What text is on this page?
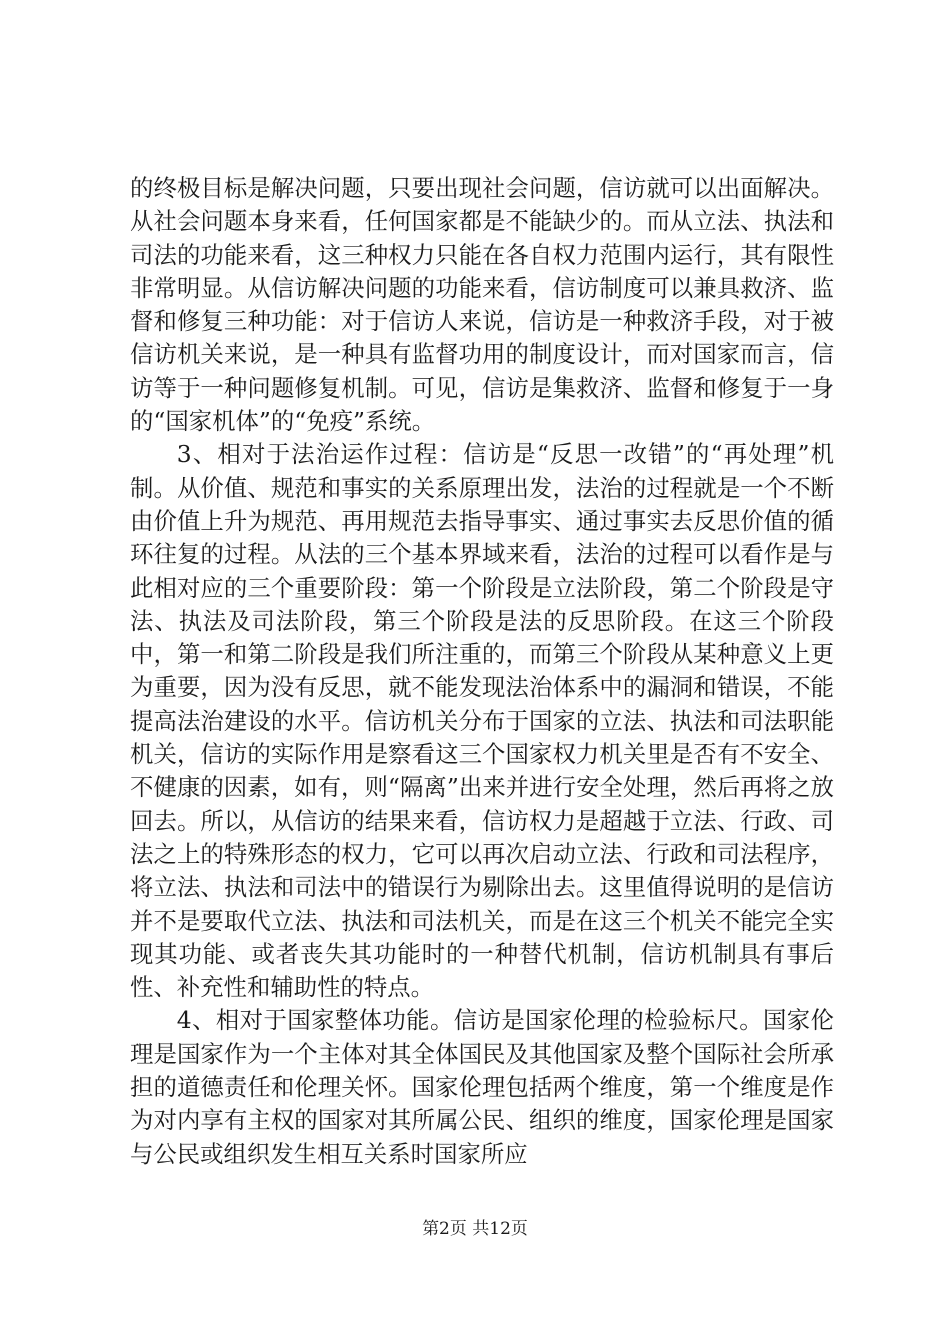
的终极目标是解决问题，只要出现社会问题，信访就可以出面解决。从社会问题本身来看，任何国家都是不能缺少的。而从立法、执法和司法的功能来看，这三种权力只能在各自权力范围内运行，其有限性非常明显。从信访解决问题的功能来看，信访制度可以兼具救济、监督和修复三种功能：对于信访人来说，信访是一种救济手段，对于被信访机关来说，是一种具有监督功用的制度设计，而对国家而言，信访等于一种问题修复机制。可见，信访是集救济、监督和修复于一身的“国家机体”的“免疫”系统。

3、相对于法治运作过程：信访是“反思一改错”的“再处理”机制。从价值、规范和事实的关系原理出发，法治的过程就是一个不断由价值上升为规范、再用规范去指导事实、通过事实去反思价值的循环往复的过程。从法的三个基本界域来看，法治的过程可以看作是与此相对应的三个重要阶段：第一个阶段是立法阶段，第二个阶段是守法、执法及司法阶段，第三个阶段是法的反思阶段。在这三个阶段中，第一和第二阶段是我们所注重的，而第三个阶段从某种意义上更为重要，因为没有反思，就不能发现法治体系中的漏洞和错误，不能提高法治建设的水平。信访机关分布于国家的立法、执法和司法职能机关，信访的实际作用是察看这三个国家权力机关里是否有不安全、不健康的因素，如有，则“隔离”出来并进行安全处理，然后再将之放回去。所以，从信访的结果来看，信访权力是超越于立法、行政、司法之上的特殊形态的权力，它可以再次启动立法、行政和司法程序，将立法、执法和司法中的错误行为剔除出去。这里值得说明的是信访并不是要取代立法、执法和司法机关，而是在这三个机关不能完全实现其功能、或者丧失其功能时的一种替代机制，信访机制具有事后性、补充性和辅助性的特点。

4、相对于国家整体功能。信访是国家伦理的检验标尺。国家伦理是国家作为一个主体对其全体国民及其他国家及整个国际社会所承担的道德责任和伦理关怀。国家伦理包括两个维度，第一个维度是作为对内享有主权的国家对其所属公民、组织的维度，国家伦理是国家与公民或组织发生相互关系时国家所应

第2页 共12页
